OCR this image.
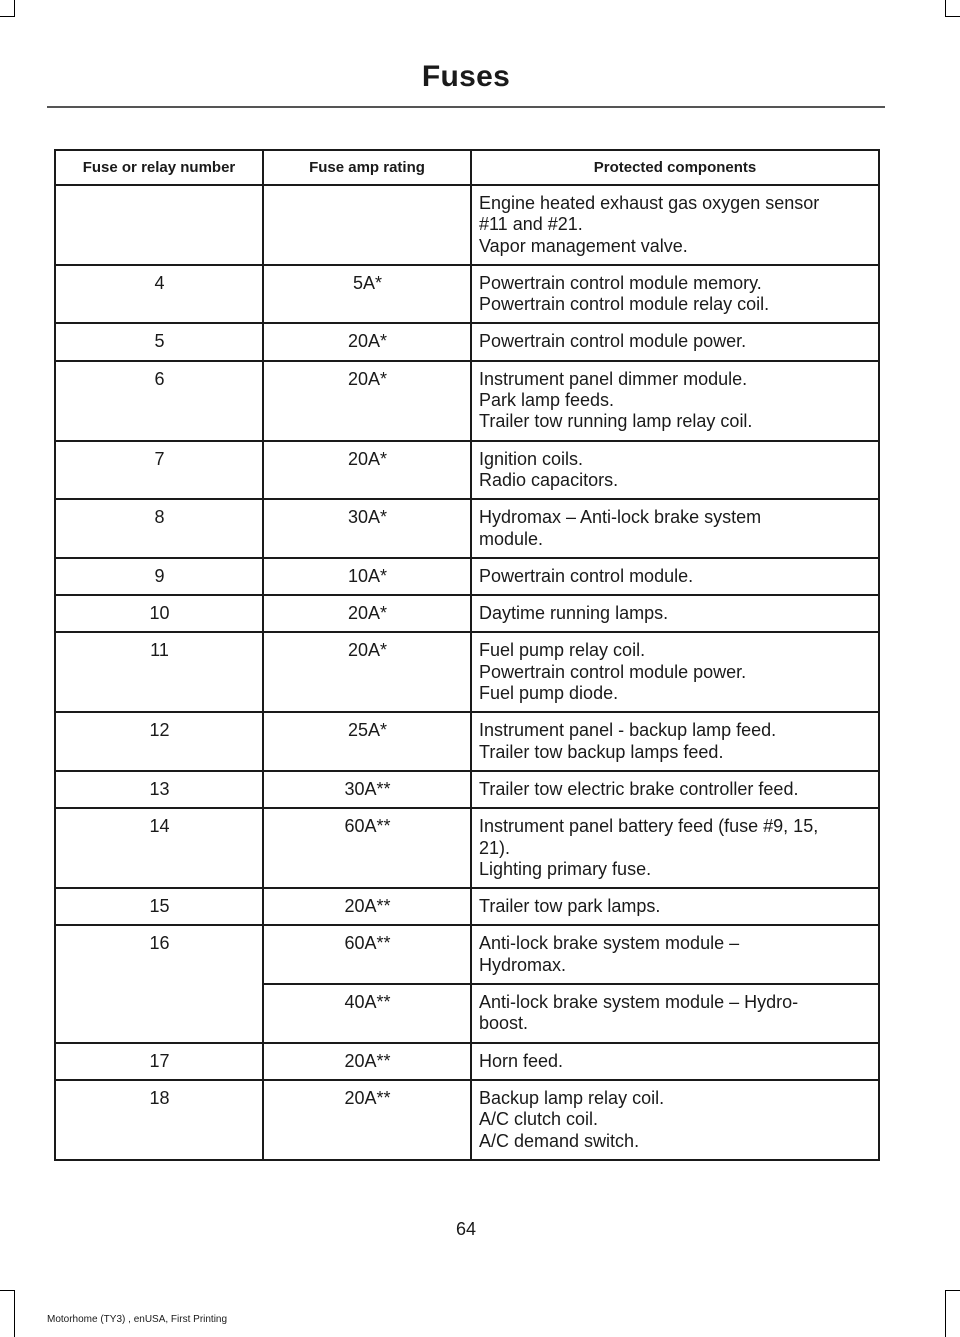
Fuses
Fuse or relay number	Fuse amp rating	Protected components

		Engine heated exhaust gas oxygen sensor
#11 and #21.
Vapor management valve.

4	5A*	Powertrain control module memory.
Powertrain control module relay coil.

5	20A*	Powertrain control module power.

6	20A*	Instrument panel dimmer module.
Park lamp feeds.
Trailer tow running lamp relay coil.

7	20A*	Ignition coils.
Radio capacitors.

8	30A*	Hydromax – Anti-lock brake system
module.

9	10A*	Powertrain control module.

10	20A*	Daytime running lamps.

11	20A*	Fuel pump relay coil.
Powertrain control module power.
Fuel pump diode.

12	25A*	Instrument panel - backup lamp feed.
Trailer tow backup lamps feed.

13	30A**	Trailer tow electric brake controller feed.

14	60A**	Instrument panel battery feed (fuse #9, 15,
21).
Lighting primary fuse.

15	20A**	Trailer tow park lamps.

16	60A**	Anti-lock brake system module –
Hydromax.

	40A**	Anti-lock brake system module – Hydro-
boost.

17	20A**	Horn feed.

18	20A**	Backup lamp relay coil.
A/C clutch coil.
A/C demand switch.
64
Motorhome (TY3) , enUSA, First Printing
